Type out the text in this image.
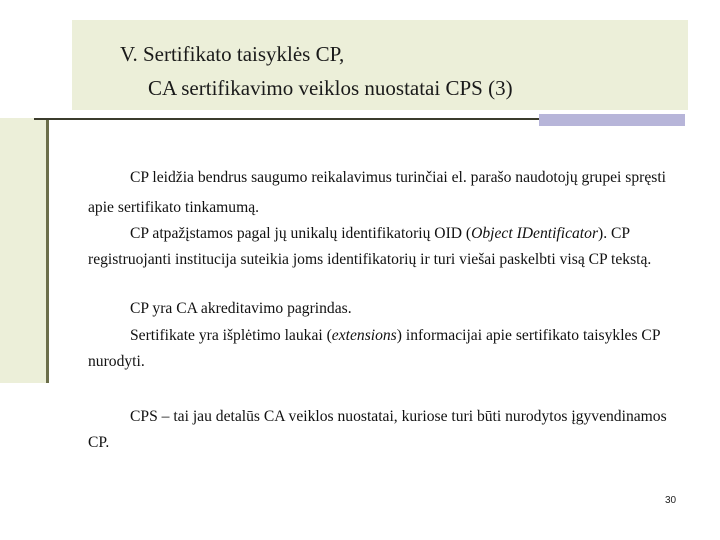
V. Sertifikato taisyklės CP,
CA sertifikavimo veiklos nuostatai CPS (3)
CP leidžia bendrus saugumo reikalavimus turinčiai el. parašo naudotojų grupei spręsti apie sertifikato tinkamumą.
CP atpažįstamos pagal jų unikalų identifikatorių OID (Object IDentificator). CP registruojanti institucija suteikia joms identifikatorių ir turi viešai paskelbti visą CP tekstą.
CP yra CA akreditavimo pagrindas.
Sertifikate yra išplėtimo laukai (extensions) informacijai apie sertifikato taisykles CP nurodyti.
CPS – tai jau detalūs CA veiklos nuostatai, kuriose turi būti nurodytos įgyvendinamos CP.
30
